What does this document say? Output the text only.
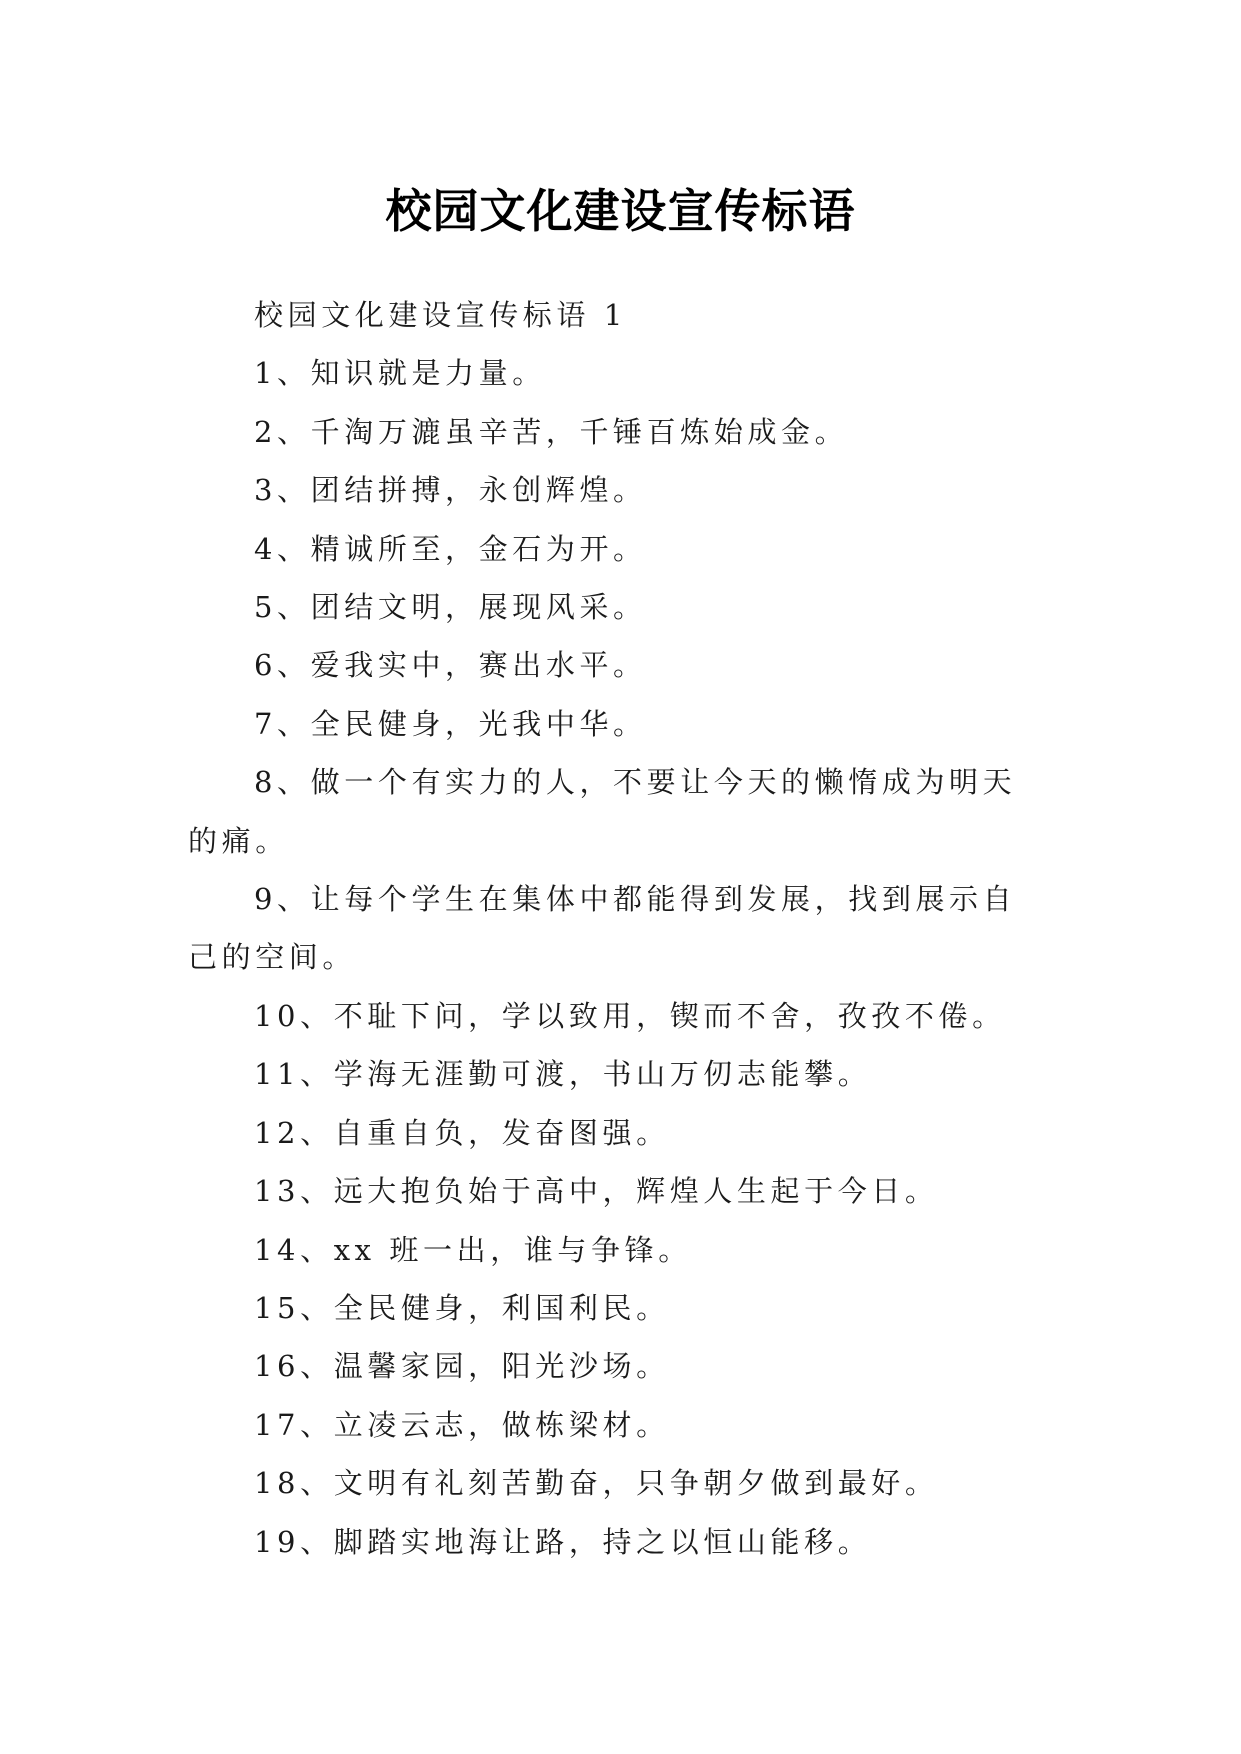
校园文化建设宣传标语

校园文化建设宣传标语 1

1、知识就是力量。

2、千淘万漉虽辛苦，千锤百炼始成金。

3、团结拼搏，永创辉煌。

4、精诚所至，金石为开。

5、团结文明，展现风采。

6、爱我实中，赛出水平。

7、全民健身，光我中华。

8、做一个有实力的人，不要让今天的懒惰成为明天的痛。

9、让每个学生在集体中都能得到发展，找到展示自己的空间。

10、不耻下问，学以致用，锲而不舍，孜孜不倦。

11、学海无涯勤可渡，书山万仞志能攀。

12、自重自负，发奋图强。

13、远大抱负始于高中，辉煌人生起于今日。

14、xx 班一出，谁与争锋。

15、全民健身，利国利民。

16、温馨家园，阳光沙场。

17、立凌云志，做栋梁材。

18、文明有礼刻苦勤奋，只争朝夕做到最好。

19、脚踏实地海让路，持之以恒山能移。
